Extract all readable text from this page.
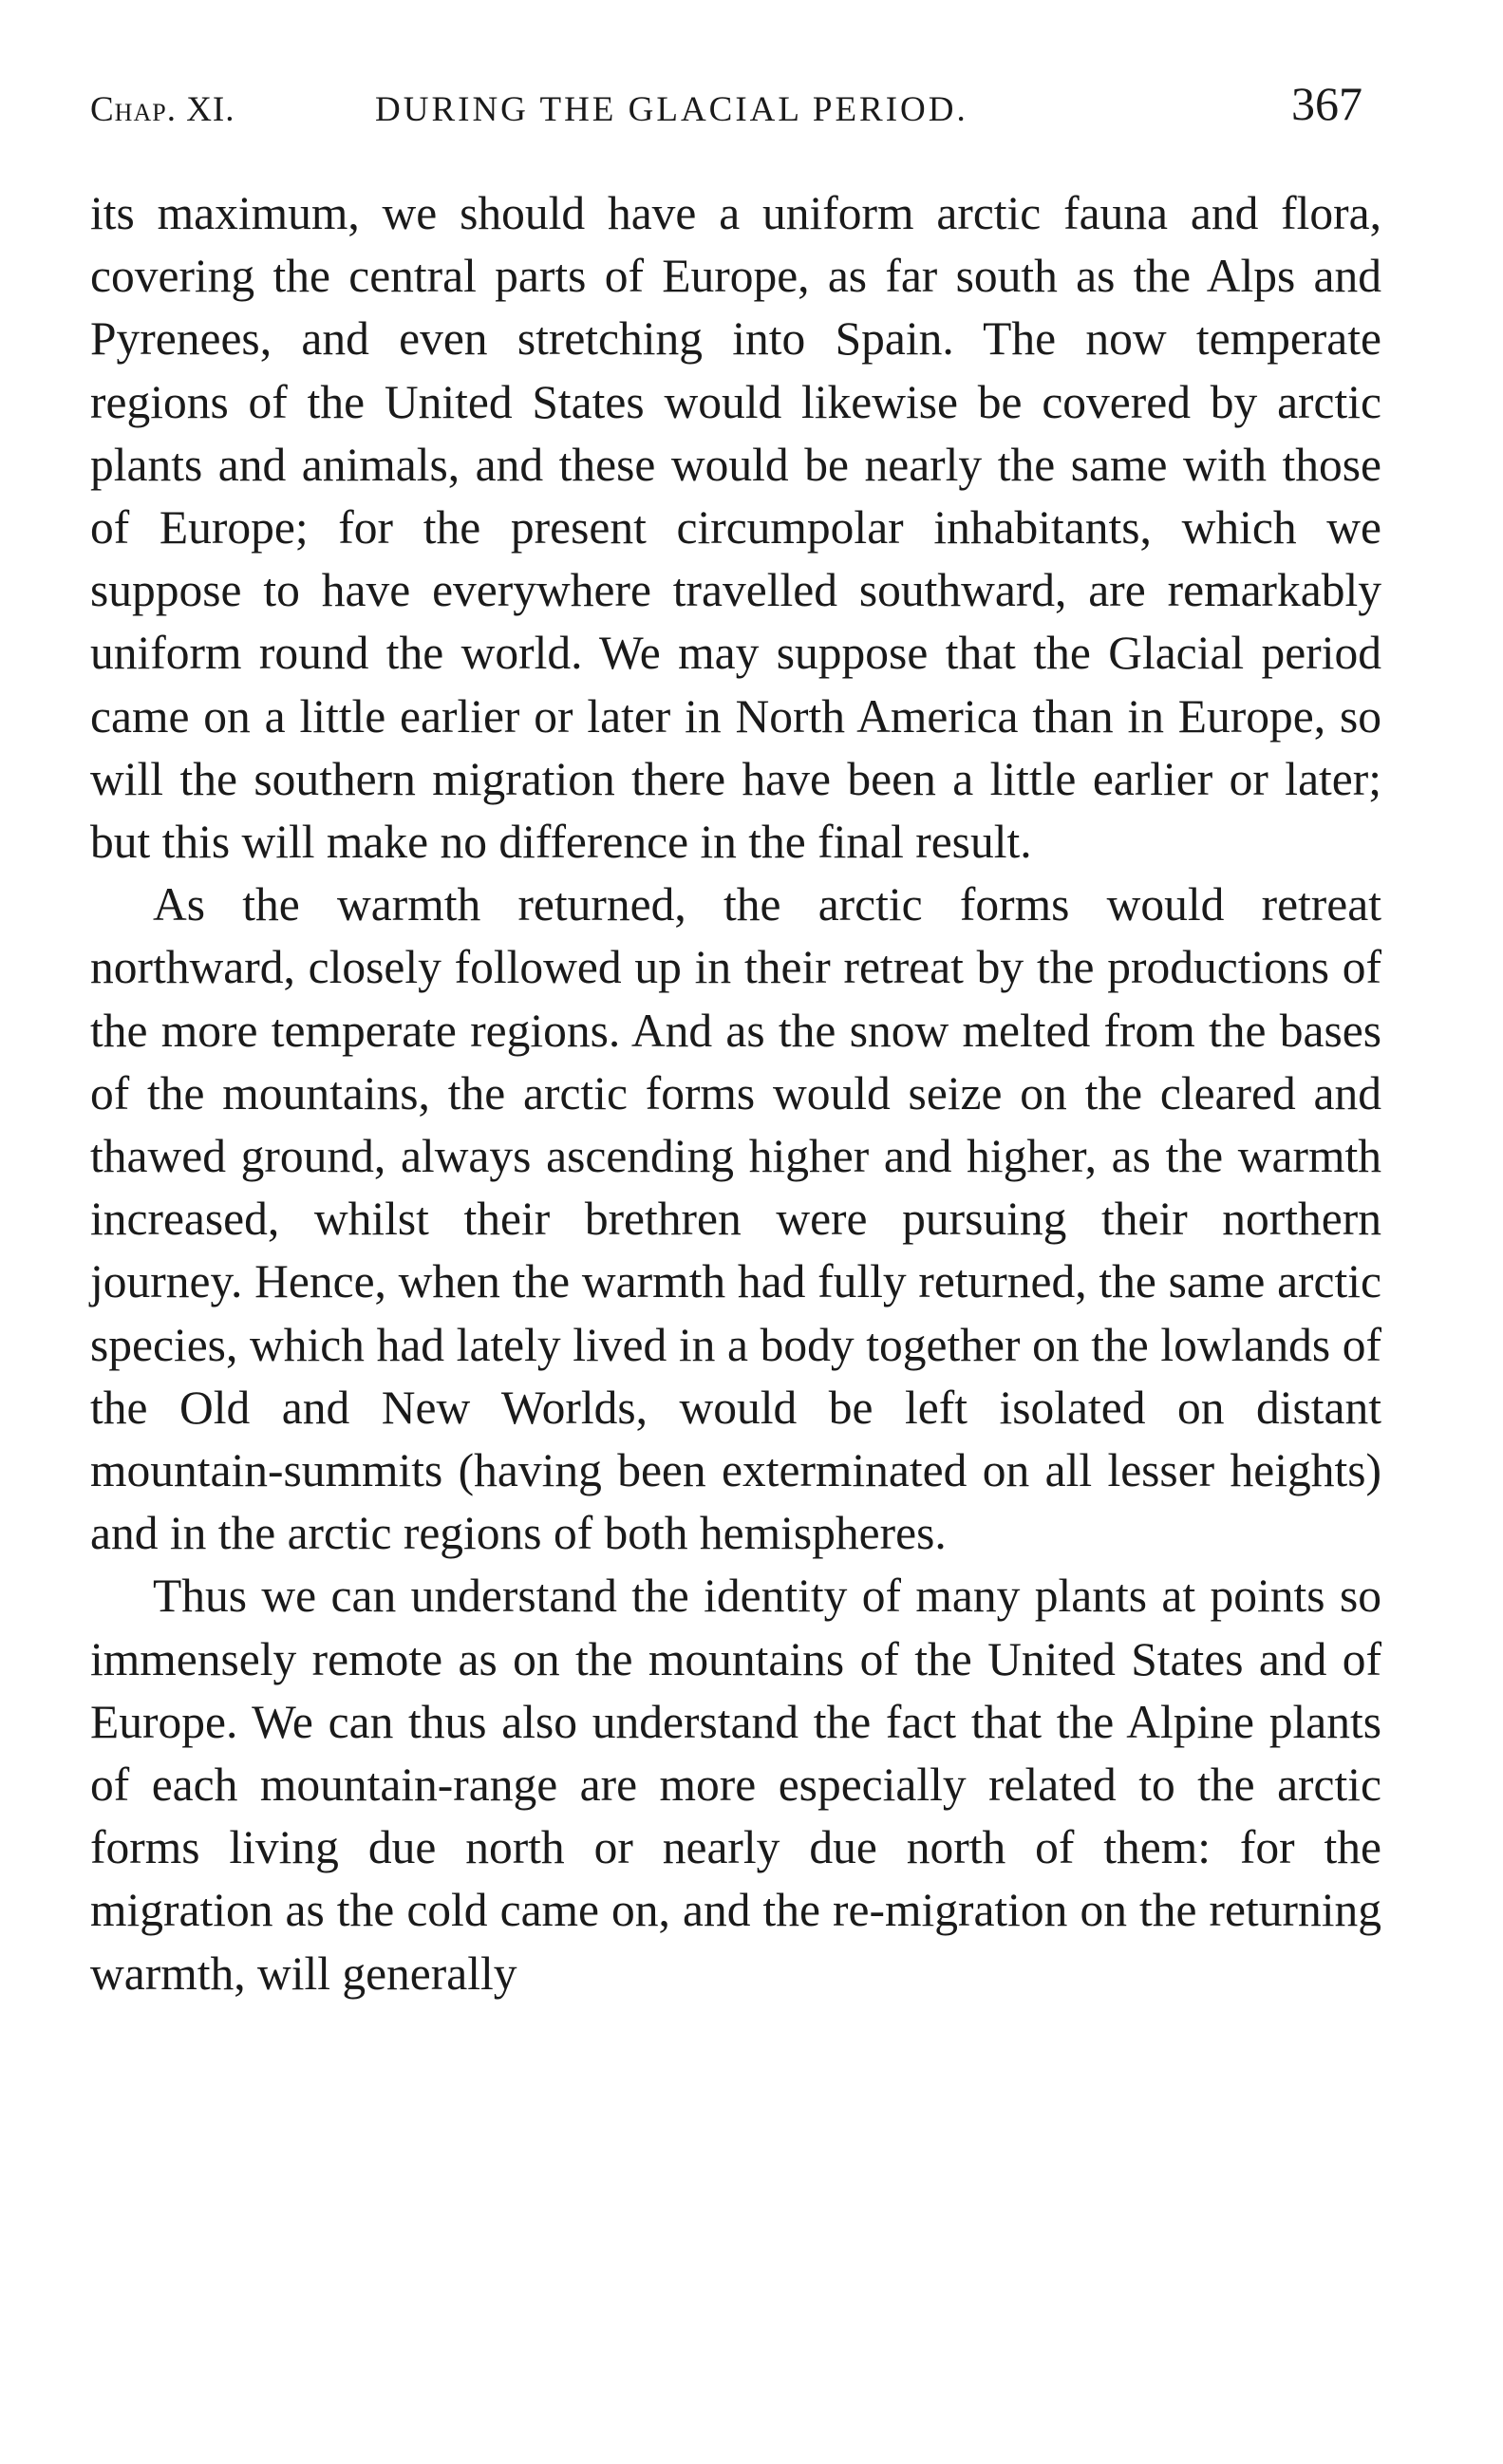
Chap. XI.	DURING THE GLACIAL PERIOD.	367

its maximum, we should have a uniform arctic fauna and flora, covering the central parts of Europe, as far south as the Alps and Pyrenees, and even stretching into Spain. The now temperate regions of the United States would likewise be covered by arctic plants and animals, and these would be nearly the same with those of Europe; for the present circumpolar inhabitants, which we suppose to have everywhere travelled southward, are remarkably uniform round the world. We may suppose that the Glacial period came on a little earlier or later in North America than in Europe, so will the southern migration there have been a little earlier or later; but this will make no difference in the final result.

As the warmth returned, the arctic forms would retreat northward, closely followed up in their retreat by the productions of the more temperate regions. And as the snow melted from the bases of the mountains, the arctic forms would seize on the cleared and thawed ground, always ascending higher and higher, as the warmth increased, whilst their brethren were pursuing their northern journey. Hence, when the warmth had fully returned, the same arctic species, which had lately lived in a body together on the lowlands of the Old and New Worlds, would be left isolated on distant mountain-summits (having been exterminated on all lesser heights) and in the arctic regions of both hemispheres.

Thus we can understand the identity of many plants at points so immensely remote as on the mountains of the United States and of Europe. We can thus also understand the fact that the Alpine plants of each mountain-range are more especially related to the arctic forms living due north or nearly due north of them: for the migration as the cold came on, and the re-migration on the returning warmth, will generally
